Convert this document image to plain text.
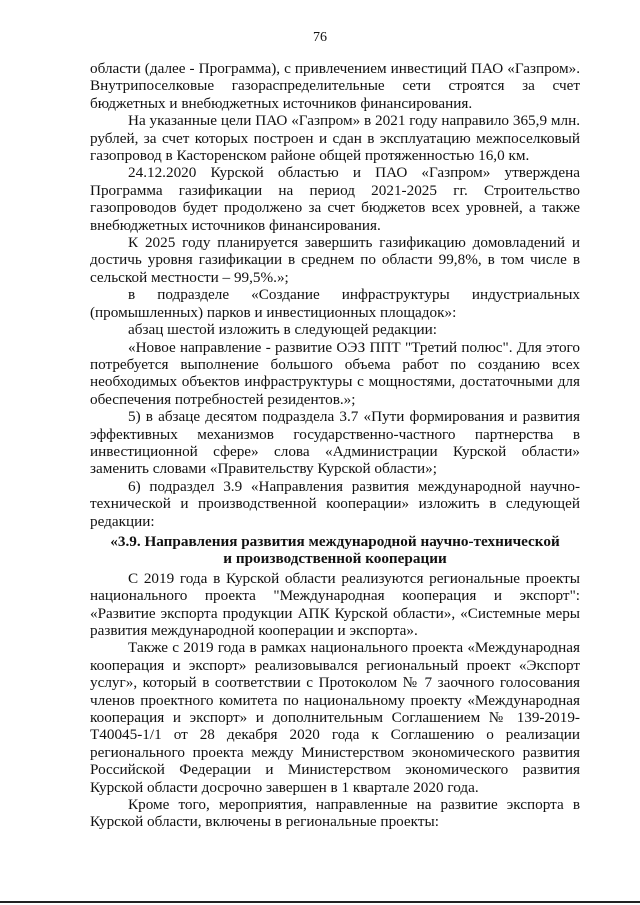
76

области (далее - Программа), с привлечением инвестиций ПАО «Газпром». Внутрипоселковые газораспределительные сети строятся за счет бюджетных и внебюджетных источников финансирования.

На указанные цели ПАО «Газпром» в 2021 году направило 365,9 млн. рублей, за счет которых построен и сдан в эксплуатацию межпоселковый газопровод в Касторенском районе общей протяженностью 16,0 км.

24.12.2020 Курской областью и ПАО «Газпром» утверждена Программа газификации на период 2021-2025 гг. Строительство газопроводов будет продолжено за счет бюджетов всех уровней, а также внебюджетных источников финансирования.

К 2025 году планируется завершить газификацию домовладений и достичь уровня газификации в среднем по области 99,8%, в том числе в сельской местности – 99,5%.»;

в подразделе «Создание инфраструктуры индустриальных (промышленных) парков и инвестиционных площадок»:

абзац шестой изложить в следующей редакции:

«Новое направление - развитие ОЭЗ ППТ "Третий полюс". Для этого потребуется выполнение большого объема работ по созданию всех необходимых объектов инфраструктуры с мощностями, достаточными для обеспечения потребностей резидентов.»;

5) в абзаце десятом подраздела 3.7 «Пути формирования и развития эффективных механизмов государственно-частного партнерства в инвестиционной сфере» слова «Администрации Курской области» заменить словами «Правительству Курской области»;

6) подраздел 3.9 «Направления развития международной научно-технической и производственной кооперации» изложить в следующей редакции:

«3.9. Направления развития международной научно-технической
и производственной кооперации

С 2019 года в Курской области реализуются региональные проекты национального проекта "Международная кооперация и экспорт": «Развитие экспорта продукции АПК Курской области», «Системные меры развития международной кооперации и экспорта».

Также с 2019 года в рамках национального проекта «Международная кооперация и экспорт» реализовывался региональный проект «Экспорт услуг», который в соответствии с Протоколом № 7 заочного голосования членов проектного комитета по национальному проекту «Международная кооперация и экспорт» и дополнительным Соглашением № 139-2019-Т40045-1/1 от 28 декабря 2020 года к Соглашению о реализации регионального проекта между Министерством экономического развития Российской Федерации и Министерством экономического развития Курской области досрочно завершен в 1 квартале 2020 года.

Кроме того, мероприятия, направленные на развитие экспорта в Курской области, включены в региональные проекты:
